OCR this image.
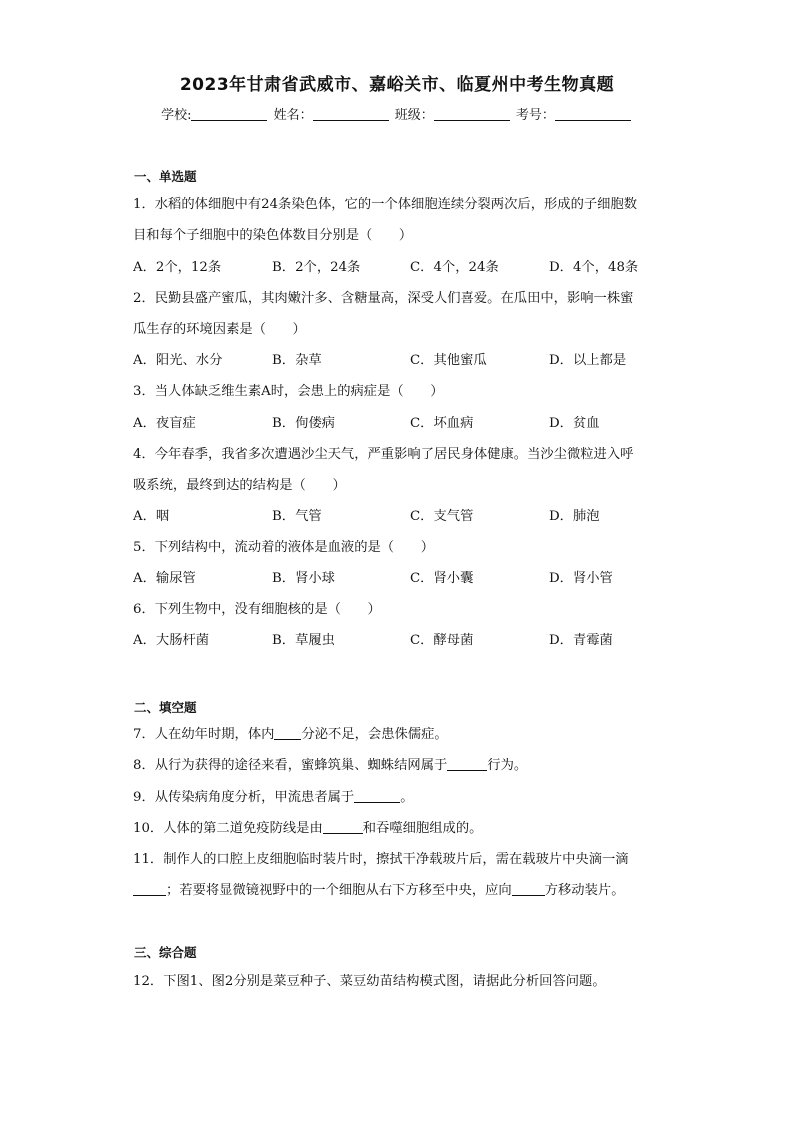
2023年甘肃省武威市、嘉峪关市、临夏州中考生物真题
学校:	姓名：	班级：	考号：
一、单选题
1．水稻的体细胞中有24条染色体，它的一个体细胞连续分裂两次后，形成的子细胞数
目和每个子细胞中的染色体数目分别是（　　）
A．2个，12条	B．2个，24条	C．4个，24条	D．4个，48条
2．民勤县盛产蜜瓜，其肉嫩汁多、含糖量高，深受人们喜爱。在瓜田中，影响一株蜜
瓜生存的环境因素是（　　）
A．阳光、水分	B．杂草	C．其他蜜瓜	D．以上都是
3．当人体缺乏维生素A时，会患上的病症是（　　）
A．夜盲症	B．佝偻病	C．坏血病	D．贫血
4．今年春季，我省多次遭遇沙尘天气，严重影响了居民身体健康。当沙尘微粒进入呼
吸系统，最终到达的结构是（　　）
A．咽	B．气管	C．支气管	D．肺泡
5．下列结构中，流动着的液体是血液的是（　　）
A．输尿管	B．肾小球	C．肾小囊	D．肾小管
6．下列生物中，没有细胞核的是（　　）
A．大肠杆菌	B．草履虫	C．酵母菌	D．青霉菌
二、填空题
7．人在幼年时期，体内 分泌不足，会患侏儒症。
8．从行为获得的途径来看，蜜蜂筑巢、蜘蛛结网属于	行为。
9．从传染病角度分析，甲流患者属于	。
10．人体的第二道免疫防线是由	和吞噬细胞组成的。
11．制作人的口腔上皮细胞临时装片时，擦拭干净载玻片后，需在载玻片中央滴一滴
；若要将显微镜视野中的一个细胞从右下方移至中央，应向 方移动装片。
三、综合题
12．下图1、图2分别是菜豆种子、菜豆幼苗结构模式图，请据此分析回答问题。
